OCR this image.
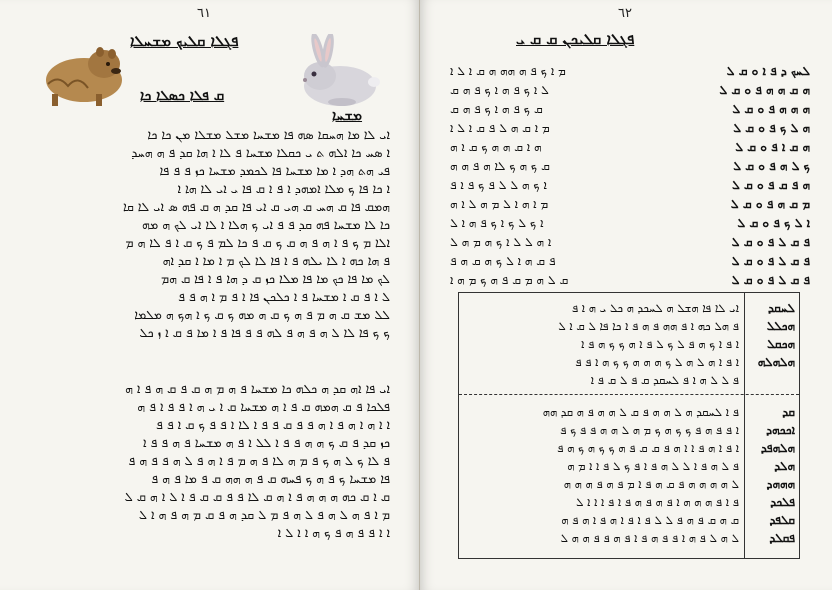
٦١
ܦܓܠܐ ܩܠܝܟ ܡܫܚܠܐ
ܩ ܦܠܐ ܟܣܠܐ ܟܐ
ܡܫܚܐ
ܐܝ ܠܐ ܡܐ ܗܚܩܐ ܣܗ ܦܐ ܡܫܚܐ ܡܫܠ ܡܫܠܐ ܡܢ ܟܐ ܟܐ
ܐ ܣܚ ܟܐ ܐܠܗ ܬ ܝ ܟܩܠܐ ܡܫܚܐ ܦ ܠܐ ܐ ܗܐ ܩܕ ܦ ܗ ܗܚܕ
ܦܝ ܗܬ ܗܕ ܐ ܡܐ ܡܫܚܐ ܦܐ ܠܟܡܕ ܡܫܚܐ ܟܙ ܦ ܦ ܦܐ
ܐ ܟܐ ܦܐ ܟ ܡܠܐ ܐܡܗܕ ܐ ܦ ܐ ܩ ܦܐ ܝ ܐܝ ܠܐ ܗܐ ܐ
ܗܡܩ ܦܐ ܩ ܗܚ ܩ ܗܝ ܩ ܐܝ ܦܐ ܩܕ ܗ ܩ ܦܗ ܣ ܐܝ ܠܐ ܩܐ
ܟܐ ܠܐ ܡܫܚܐ ܦܗ ܩܕ ܦ ܦ ܐܝ ܟ ܗܠܐ ܐ ܠܐ ܐܝ ܠܟ ܗ ܡܗ
ܐܠܐ ܡ ܟ ܦ ܐ ܗ ܦ ܗ ܩ ܟ ܩ ܦ ܟܐ ܠܡ ܦ ܟ ܩ ܐ ܦ ܠܐ ܗ ܡ
ܦ ܗܐ ܟܗ ܐ ܠܐ ܝܠܗ ܦ ܐ ܦܐ ܠܐ ܠܟ ܡ ܐ ܡܐ ܐ ܩܕ ܐܗ
ܠܟ ܡܐ ܦܐ ܟܟ ܡܐ ܦܐ ܡܠܐ ܟܙ ܩ ܕ ܗܐ ܦ ܐ ܦܐ ܩ ܗܡ
ܠ ܐ ܦ ܩ ܐ ܡܫܚܐ ܦ ܐ ܟܠܟܢ ܦܐ ܐ ܦ ܡ ܐ ܗ ܦ ܦ
ܠܠ ܡܫ ܩ ܗ ܡ ܦ ܗ ܟ ܩ ܗ ܡܗ ܟ ܩ ܟ ܐ ܗܟ ܗ ܡܠܡܐ
ܟ ܟ ܦܐ ܠܐ ܠ ܗ ܦ ܗ ܦ ܠܗ ܦ ܦ ܦܐ ܦ ܐ ܡܐ ܦ ܩ ܐ ܙ ܟܠ
ܐܝ ܦܐ ܐܗ ܩܕ ܗ ܟܠܗ ܟܐ ܡܫܚܐ ܦ ܗ ܡ ܗ ܩ ܦ ܩ ܗ ܦ ܐ ܗ
ܦܠܟܐ ܦ ܩ ܗܡܗ ܩ ܦ ܐ ܗ ܡܫܚܐ ܩ ܐ ܝ ܗ ܐ ܦ ܦ ܐ ܦ ܗ
ܐ ܐ ܗ ܐ ܗ ܦ ܐ ܗ ܦ ܦ ܩ ܦ ܦ ܐ ܠܐ ܐ ܦ ܦ ܟ ܩ ܐ ܦ ܦ
ܟܙ ܩܕ ܦ ܩ ܟ ܗ ܗ ܦ ܦ ܐ ܠܠ ܐ ܦ ܗ ܡܫܚܐ ܦ ܗ ܦ ܦ ܐ
ܦ ܠܐ ܟ ܠ ܗ ܟ ܦ ܡ ܗ ܠܐ ܦ ܗ ܡ ܦ ܐ ܗ ܦ ܠ ܗ ܦ ܦ ܗ ܦ
ܦܐ ܡܫܚܐ ܟ ܦ ܗ ܟ ܦܚܗ ܩ ܦ ܗ ܗܗ ܩ ܦ ܡܐ ܦ ܗ ܦ
ܩ ܐ ܩ ܟܗ ܗ ܗ ܗ ܦ ܐ ܗ ܩ ܠܐ ܦ ܦ ܩ ܩ ܦ ܐ ܠ ܐ ܗ ܩ ܠ
ܡ ܐ ܦ ܗ ܠ ܗ ܦ ܠ ܗ ܦ ܡ ܠ ܩܕ ܗ ܦ ܩ ܡ ܗ ܦ ܗ ܐ ܠ
ܐ ܐ ܦ ܦ ܗ ܦ ܟ ܗ ܐ ܐ ܠ ܐ
٦٢
ܦܓܠܐ ܩܠܝܟܢ ܩ ܩ ܝ
ܠܚܟ ܕ ܦ ܐ ܘ ܩ ܠ
ܡ ܐ ܟ ܦ ܗ ܗܗ ܗ ܩ ܐ ܠ ܐ
ܗ ܩ ܗ ܗ ܦ ܘ ܩ ܠ
ܠ ܐ ܟ ܦ ܗ ܐ ܟ ܦ ܗ ܩ
ܗ ܗ ܗ ܦ ܘ ܩ ܠ
ܩ ܟ ܦ ܗ ܐ ܟ ܦ ܗ ܩ
ܗ ܠ ܟ ܦ ܘ ܩ ܠ
ܡ ܐ ܩ ܗ ܠ ܦ ܩ ܐ ܠ ܐ
ܗ ܩ ܐ ܦ ܘ ܩ ܠ
ܗ ܐ ܩ ܗ ܗ ܟ ܩ ܐ ܗ
ܟ ܠ ܗ ܦ ܘ ܩ ܠ
ܩ ܟ ܗ ܟ ܠܐ ܗ ܦ ܗ ܗ
ܗ ܦ ܩ ܦ ܘ ܩ ܠ
ܐ ܟ ܗ ܠ ܠ ܦ ܟ ܦ ܐ ܦ
ܡ ܩ ܗ ܦ ܘ ܩ ܠ
ܡ ܐ ܗ ܐ ܠ ܡ ܗ ܠ ܐ ܗ
ܐ ܠ ܟ ܦ ܘ ܩ ܠ
ܐ ܟ ܠ ܟ ܐ ܟ ܦ ܗ ܐ ܠ
ܦ ܩ ܠ ܦ ܘ ܩ ܠ
ܐ ܗ ܠ ܠ ܐ ܟ ܗ ܡ ܗ ܠ
ܦ ܩ ܠ ܦ ܘ ܩ ܠ
ܦ ܩ ܗ ܐ ܠ ܟ ܗ ܩ ܗ ܦ
ܦ ܩ ܠ ܦ ܘ ܩ ܠ
ܩ ܠ ܗ ܡ ܩ ܦ ܗ ܟ ܡ ܗ ܐ
ܐܝ ܠܐ ܦܐ ܗܫܠ ܗ ܠܚܟܕ ܗ ܟܠ ܝ ܗ ܐ ܦ
ܦ ܗܠ ܟܗ ܐ ܦ ܗܗ ܦ ܗ ܦ ܐ ܟܐ ܦܐ ܠ ܩ ܐ ܠ
ܐ ܦ ܐ ܟ ܗ ܦ ܠ ܟ ܠ ܦ ܐ ܗ ܟ ܟ ܗ ܦ ܐ
ܐ ܦ ܐ ܗ ܠ ܗ ܠ ܟ ܗ ܗ ܗ ܟ ܟ ܗ ܐ ܦ ܦ
ܦ ܠ ܠ ܗ ܐ ܦ ܠܚܩܕ ܩ ܦ ܠ ܩ ܦ ܐ
ܠܚܩܕ
ܗܟܠܠ
ܗܟܩܠ
ܗܠܗܠܗ
ܦ ܐ ܠܚܩܕ ܗ ܠ ܗ ܗ ܦ ܩ ܠ ܗ ܗ ܦ ܗ ܩܕ ܗܗ
ܐ ܦ ܦ ܗ ܦ ܟ ܟ ܗ ܟ ܡ ܗ ܠ ܗ ܗ ܦ ܦ ܟ ܦ
ܐ ܦ ܐ ܗ ܦ ܐ ܐ ܗ ܦ ܩ ܩ ܦ ܗ ܟ ܟ ܗ ܟ ܗ ܦ
ܦ ܠ ܗ ܦ ܐ ܠ ܠ ܗ ܦ ܐ ܦ ܟ ܠ ܦ ܐ ܐ ܡ ܗ
ܠ ܗ ܗ ܗ ܗ ܦ ܩ ܗ ܦ ܐ ܡ ܦ ܗ ܦ ܗ ܗ ܗ
ܦ ܐ ܦ ܗ ܗ ܗ ܐ ܦ ܗ ܦ ܗ ܦ ܐ ܦ ܐ ܐ ܐ ܠ
ܩ ܗ ܩ ܦ ܗ ܦ ܠ ܠ ܦ ܐ ܦ ܐ ܗ ܦ ܐ ܗ ܦ ܗ
ܠ ܗ ܠ ܦ ܗ ܐ ܦ ܦ ܗ ܦ ܐ ܦ ܗ ܦ ܦ ܗ ܗ ܠ
ܩܕ
ܐܟܟܗܕ
ܗܠܗܦܕ
ܗܠܕ
ܗܗܗܕ
ܦܠܟܕ
ܩܠܦܕ
ܦܩܠܕ
